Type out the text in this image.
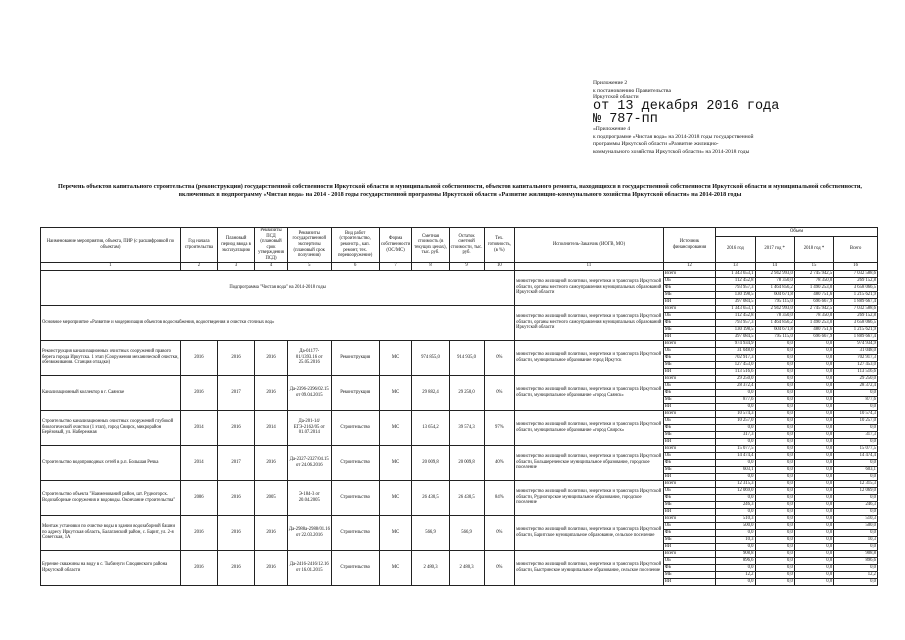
Приложение 2
к постановлению Правительства
Иркутской области
от 13 декабря 2016 года
№ 787-пп
«Приложение 4
к подпрограмме «Чистая вода» на 2014-2018 годы государственной
программы Иркутской области «Развитие жилищно-
коммунального хозяйства Иркутской области» на 2014-2018 годы
Перечень объектов капитального строительства (реконструкции) государственной собственности Иркутской области и муниципальной собственности, объектов капитального ремонта, находящихся в государственной собственности Иркутской области и муниципальной собственности, включенных в подпрограмму «Чистая вода» на 2014 - 2018 годы государственной программы Иркутской области «Развитие жилищно-коммунального хозяйства Иркутской области» на 2014-2018 годы
Наименование мероприятия, объекта, ПИР (с расшифровкой по объектам)	Год начала строительства	Плановый период ввода в эксплуатацию	Реквизиты ПСД (плановый срок утверждения ПСД)	Реквизиты государственной экспертизы (плановый срок получения)	Вид работ (строительство, реконстр., кап. ремонт, тех. перевооружение)	Форма собственности (ОС/МС)	Сметная стоимость (в текущих ценах), тыс. руб.	Остаток сметной стоимости, тыс. руб.	Тех. готовность, (в %)	Исполнитель-Заказчик (ИОГВ, МО)	Источник финансирования	Объем			
												2016 год	2017 год *	2018 год *	Всего
1	2	3	4	5	6	7	8	9	10	11	12	13	14	15	16
Подпрограмма "Чистая вода" на 2014-2018 годы										министерство жилищной политики, энергетики и транспорта Иркутской области, органы местного самоуправления муниципальных образований Иркутской области	Всего	1 343 653,1	2 942 993,0	2 745 942,5	7 032 588,6
											ОБ	112 452,8	78 350,0	78 350,0	269 152,8
											ФБ	793 957,3	1 464 856,2	1 490 253,0	3 658 066,5
											МБ	130 198,5	604 671,8	480 751,6	1 215 621,9
											ВИ	397 084,5	795 115,0	696 667,9	1 889 667,4
Основное мероприятие «Развитие и модернизация объектов водоснабжения, водоотведения и очистки сточных вод»										министерство жилищной политики, энергетики и транспорта Иркутской области, органы местного самоуправления муниципальных образований Иркутской области	Всего	1 343 653,1	2 942 993,0	2 745 942,5	7 032 588,6
											ОБ	112 452,8	78 350,0	78 350,0	269 152,8
											ФБ	793 957,3	1 464 856,2	1 490 253,0	3 658 066,5
											МБ	130 198,5	604 671,8	480 751,6	1 215 621,9
											ВИ	397 084,5	795 115,0	696 667,9	1 889 667,4
Реконструкция канализационных очистных сооружений правого берега города Иркутска. 1 этап (Сооружения механической очистки, обезвоживания. Станция отладки)	2016	2016	2016	Да-01177-01/1393.16 от 25.05.2016	Реконструкция	МС	974 855,0	914 935,0	0%	министерство жилищной политики, энергетики и транспорта Иркутской области, муниципальное образование город Иркутск	Всего	974 934,9	0,0	0,0	974 934,9
											ОБ	31 048,0	0,0	0,0	31 048,0
											ФБ	702 917,3	0,0	0,0	702 917,3
											МБ	127 453,0	0,0	0,0	127 453,0
											ВИ	113 516,6	0,0	0,0	113 516,6
Канализационный коллектор в г. Саянске	2016	2017	2016	Да-2396-2396/02.15 от 09.04.2015	Реконструкция	МС	29 882,4	29 250,0	0%	министерство жилищной политики, энергетики и транспорта Иркутской области, муниципальное образование «город Саянск»	Всего	29 250,0	0,0	0,0	29 250,0
											ОБ	28 372,4	0,0	0,0	28 372,4
											ФБ	0,0	0,0	0,0	0,0
											МБ	877,6	0,0	0,0	877,6
											ВИ	0,0	0,0	0,0	0,0
Строительство канализационных очистных сооружений глубокой биологической очистки (1 этап), город Свирск, микрорайон Берёзовый, ул. Набережная	2014	2016	2014	Да-201-14/ЕГЭ-2162/05 от 01.07.2014	Строительство	МС	13 654,2	39 574,3	97%	министерство жилищной политики, энергетики и транспорта Иркутской области, муниципальное образование «город Свирск»	Всего	10 574,3	0,0	0,0	10 574,3
											ОБ	10 257,0	0,0	0,0	10 257,0
											ФБ	0,0	0,0	0,0	0,0
											МБ	317,3	0,0	0,0	317,3
											ВИ	0,0	0,0	0,0	0,0
Строительство водопроводных сетей в р.п. Большая Речка	2014	2017	2016	Да-2327-2327/04.15 от 24.06.2016	Строительство	МС	20 009,8	20 009,8	40%	министерство жилищной политики, энергетики и транспорта Иркутской области, Большереченское муниципальное образование, городское поселение	Всего	15 077,5	0,0	0,0	15 077,5
											ОБ	14 474,4	0,0	0,0	14 474,4
											ФБ	0,0	0,0	0,0	0,0
											МБ	603,1	0,0	0,0	603,1
											ВИ	0,0	0,0	0,0	0,0
Строительство объекта "Наименований район, шт. Рудногорск. Водозаборные сооружения и водоводы. Окончание строительства"	2006	2016	2005	Э-184-3 от 20.04.2005	Строительство	МС	26 430,5	26 430,5	84%	министерство жилищной политики, энергетики и транспорта Иркутской области, Рудногорское муниципальное образование, городское поселение	Всего	12 315,3	0,0	0,0	12 315,3
											ОБ	12 069,0	0,0	0,0	12 069,0
											ФБ	0,0	0,0	0,0	0,0
											МБ	246,3	0,0	0,0	246,3
											ВИ	0,0	0,0	0,0	0,0
Монтаж установки по очистке воды в здании водозаборной башни по адресу Иркутская область, Балаганский район, с. Барит, ул. 2-я Советская, 1А	2016	2016	2016	Да-2988а-2988/01.16 от 22.03.2016	Строительство	МС	566,9	566,9	0%	министерство жилищной политики, энергетики и транспорта Иркутской области, Баритское муниципальное образование, сельское поселение	Всего	510,3	0,0	0,0	510,3
											ОБ	500,0	0,0	0,0	500,0
											ФБ	0,0	0,0	0,0	0,0
											МБ	10,3	0,0	0,0	10,3
											ВИ	0,0	0,0	0,0	0,0
Бурение скважины на воду в с. Тыбинуги Слюдянского района Иркутской области	2016	2016	2016	Да-2416-2416/12.16 от 16.01.2015	Строительство	МС	2 480,3	2 480,3	0%	министерство жилищной политики, энергетики и транспорта Иркутской области, Быстринское муниципальное образование, сельское поселение	Всего	908,8	0,0	0,0	908,8
											ОБ	896,6	0,0	0,0	896,6
											ФБ	0,0	0,0	0,0	0,0
											МБ	12,2	0,0	0,0	12,2
											ВИ	0,0	0,0	0,0	0,0
